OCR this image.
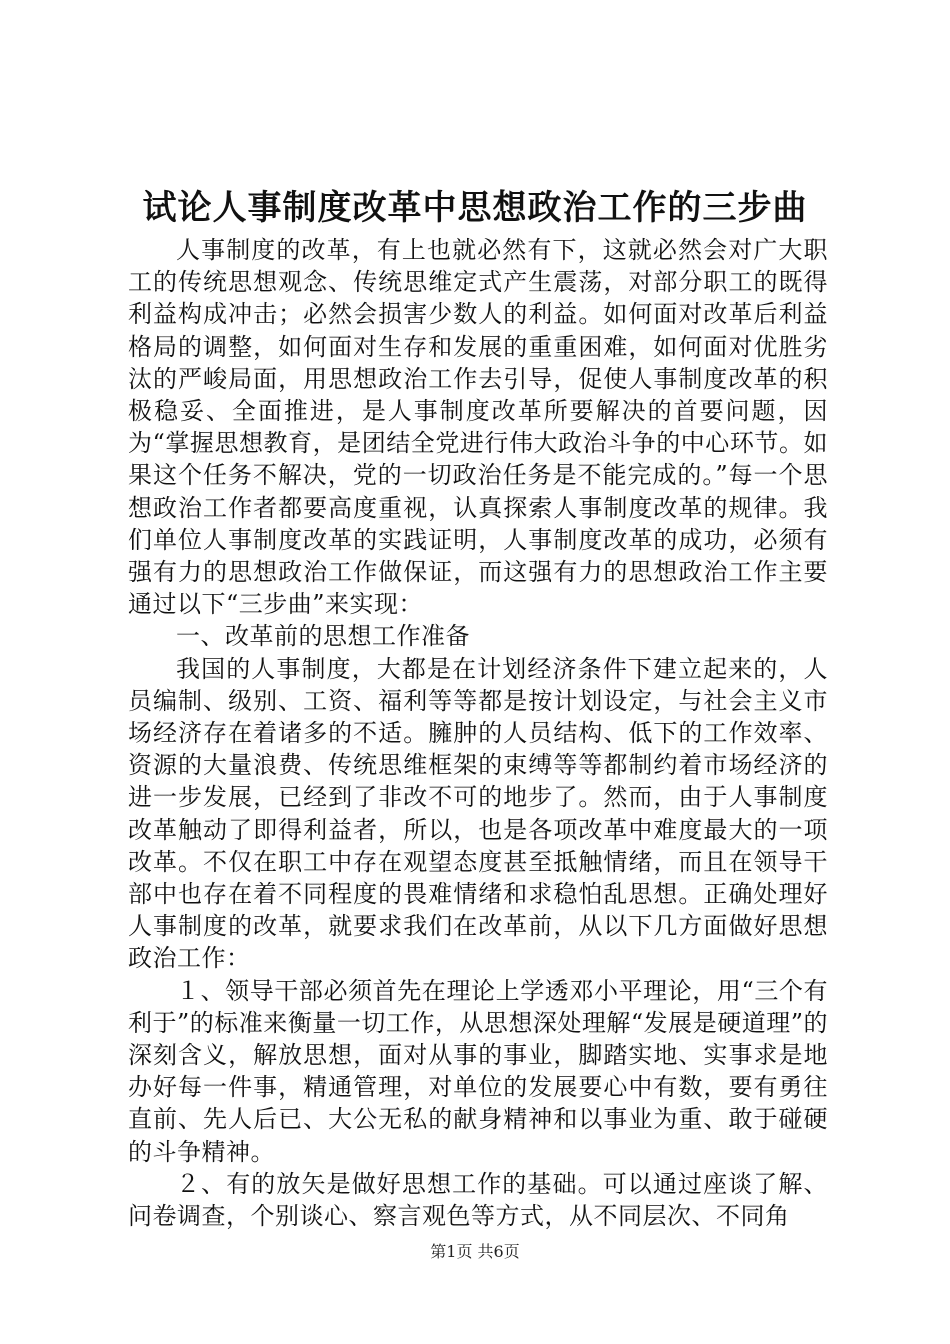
试论人事制度改革中思想政治工作的三步曲

人事制度的改革，有上也就必然有下，这就必然会对广大职工的传统思想观念、传统思维定式产生震荡，对部分职工的既得利益构成冲击；必然会损害少数人的利益。如何面对改革后利益格局的调整，如何面对生存和发展的重重困难，如何面对优胜劣汰的严峻局面，用思想政治工作去引导，促使人事制度改革的积极稳妥、全面推进，是人事制度改革所要解决的首要问题，因为“掌握思想教育，是团结全党进行伟大政治斗争的中心环节。如果这个任务不解决，党的一切政治任务是不能完成的。”每一个思想政治工作者都要高度重视，认真探索人事制度改革的规律。我们单位人事制度改革的实践证明，人事制度改革的成功，必须有强有力的思想政治工作做保证，而这强有力的思想政治工作主要通过以下“三步曲”来实现：

一、改革前的思想工作准备

我国的人事制度，大都是在计划经济条件下建立起来的，人员编制、级别、工资、福利等等都是按计划设定，与社会主义市场经济存在着诸多的不适。臃肿的人员结构、低下的工作效率、资源的大量浪费、传统思维框架的束缚等等都制约着市场经济的进一步发展，已经到了非改不可的地步了。然而，由于人事制度改革触动了即得利益者，所以，也是各项改革中难度最大的一项改革。不仅在职工中存在观望态度甚至抵触情绪，而且在领导干部中也存在着不同程度的畏难情绪和求稳怕乱思想。正确处理好人事制度的改革，就要求我们在改革前，从以下几方面做好思想政治工作：

１、领导干部必须首先在理论上学透邓小平理论，用“三个有利于”的标准来衡量一切工作，从思想深处理解“发展是硬道理”的深刻含义，解放思想，面对从事的事业，脚踏实地、实事求是地办好每一件事，精通管理，对单位的发展要心中有数，要有勇往直前、先人后已、大公无私的献身精神和以事业为重、敢于碰硬的斗争精神。

２、有的放矢是做好思想工作的基础。可以通过座谈了解、问卷调查，个别谈心、察言观色等方式，从不同层次、不同角

第1页 共6页
